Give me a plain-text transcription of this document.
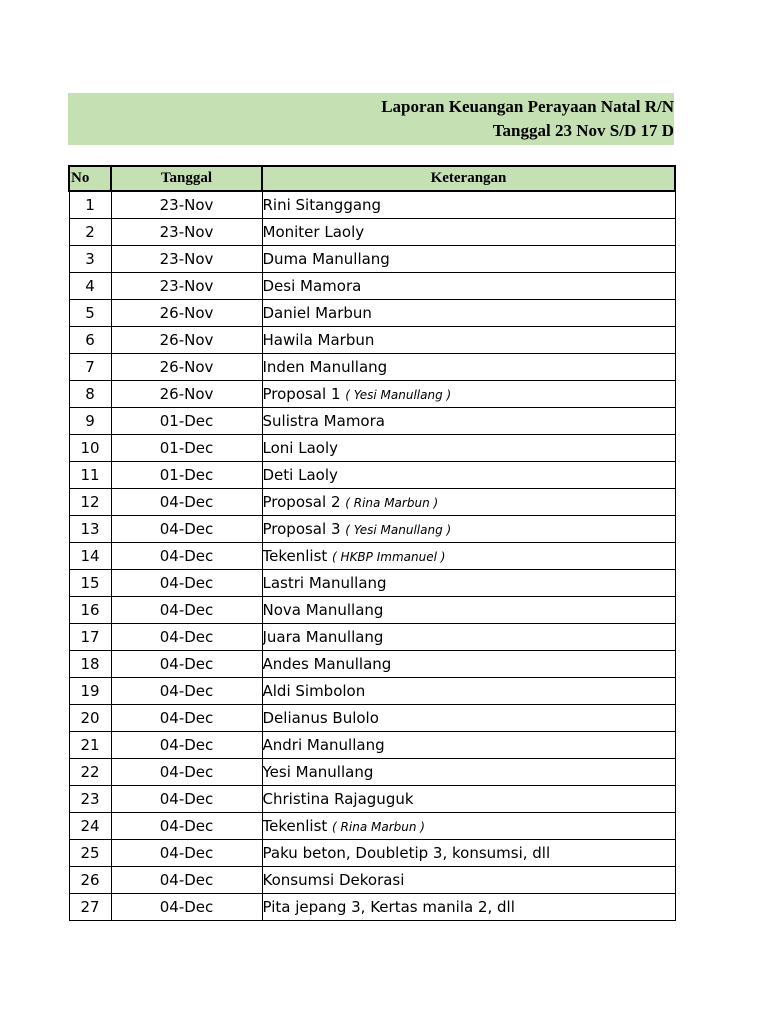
Laporan Keuangan Perayaan Natal R/N
Tanggal 23 Nov S/D 17 D
No	Tanggal	Keterangan
1	23-Nov	Rini Sitanggang
2	23-Nov	Moniter Laoly
3	23-Nov	Duma Manullang
4	23-Nov	Desi Mamora
5	26-Nov	Daniel Marbun
6	26-Nov	Hawila Marbun
7	26-Nov	Inden Manullang
8	26-Nov	Proposal 1 ( Yesi Manullang )
9	01-Dec	Sulistra Mamora
10	01-Dec	Loni Laoly
11	01-Dec	Deti Laoly
12	04-Dec	Proposal 2 ( Rina Marbun )
13	04-Dec	Proposal 3 ( Yesi Manullang )
14	04-Dec	Tekenlist ( HKBP Immanuel )
15	04-Dec	Lastri Manullang
16	04-Dec	Nova Manullang
17	04-Dec	Juara Manullang
18	04-Dec	Andes Manullang
19	04-Dec	Aldi Simbolon
20	04-Dec	Delianus Bulolo
21	04-Dec	Andri Manullang
22	04-Dec	Yesi Manullang
23	04-Dec	Christina Rajaguguk
24	04-Dec	Tekenlist ( Rina Marbun )
25	04-Dec	Paku beton, Doubletip 3, konsumsi, dll
26	04-Dec	Konsumsi Dekorasi
27	04-Dec	Pita jepang 3, Kertas manila 2, dll
